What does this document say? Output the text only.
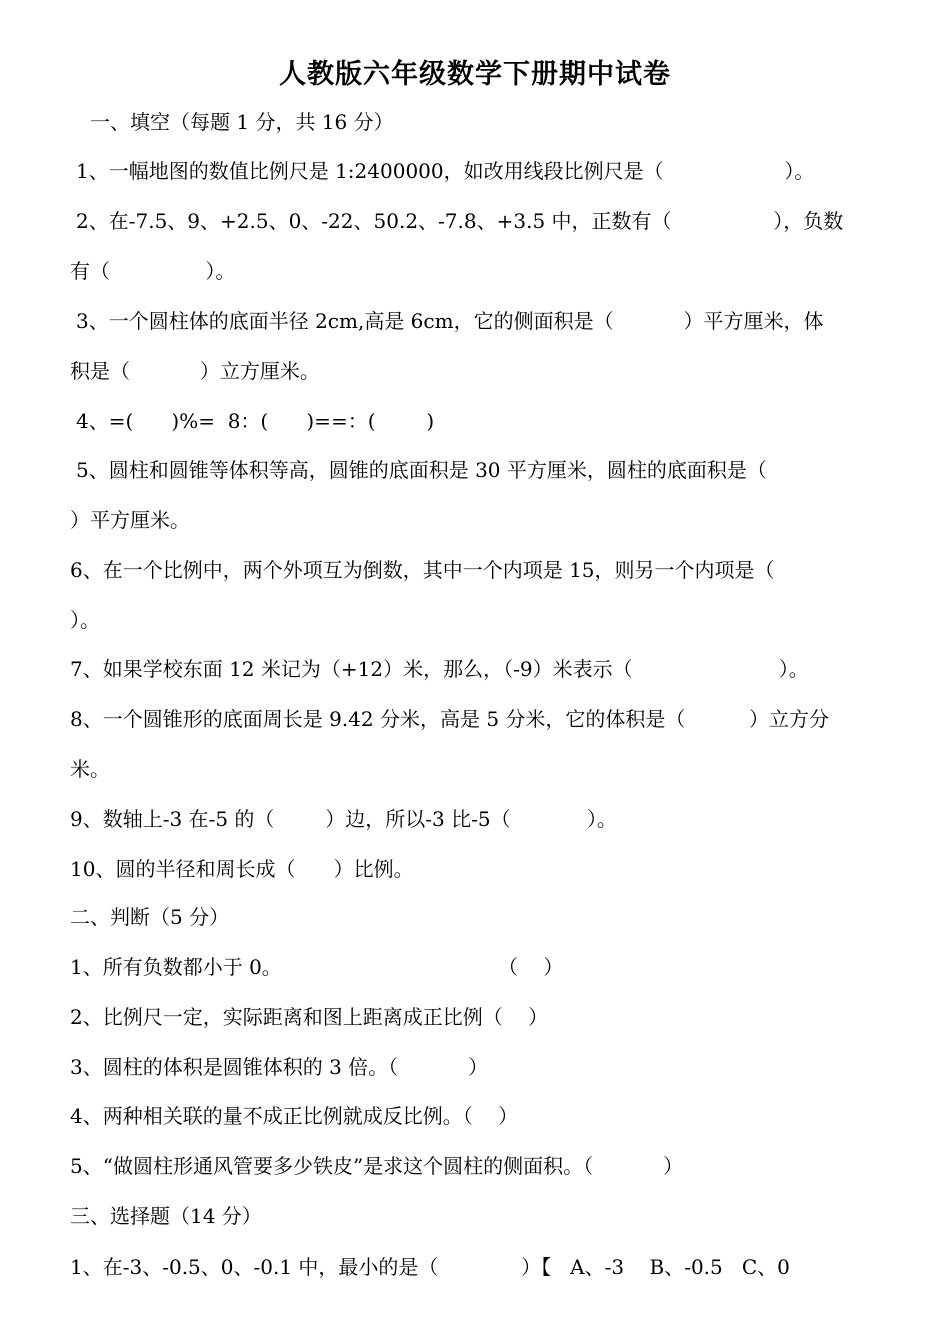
人教版六年级数学下册期中试卷
一、填空（每题 1 分，共 16 分）
1、一幅地图的数值比例尺是 1:2400000，如改用线段比例尺是（                   ）。
2、在-7.5、9、+2.5、0、-22、50.2、-7.8、+3.5 中，正数有（                ），负数
有（               ）。
3、一个圆柱体的底面半径 2cm,高是 6cm，它的侧面积是（           ）平方厘米，体
积是（           ）立方厘米。
4、=(      )%=  8：(      )==：(        )
5、圆柱和圆锥等体积等高，圆锥的底面积是 30 平方厘米，圆柱的底面积是（
）平方厘米。
6、在一个比例中，两个外项互为倒数，其中一个内项是 15，则另一个内项是（
）。
7、如果学校东面 12 米记为（+12）米，那么，（-9）米表示（                       ）。
8、一个圆锥形的底面周长是 9.42 分米，高是 5 分米，它的体积是（          ）立方分
米。
9、数轴上-3 在-5 的（        ）边，所以-3 比-5（            ）。
10、圆的半径和周长成（      ）比例。
二、判断（5 分）
1、所有负数都小于 0。                                  （    ）
2、比例尺一定，实际距离和图上距离成正比例（    ）
3、圆柱的体积是圆锥体积的 3 倍。（           ）
4、两种相关联的量不成正比例就成反比例。（    ）
5、“做圆柱形通风管要多少铁皮”是求这个圆柱的侧面积。（           ）
三、选择题（14 分）
1、在-3、-0.5、0、-0.1 中，最小的是（             ）【   A、-3    B、-0.5   C、0
